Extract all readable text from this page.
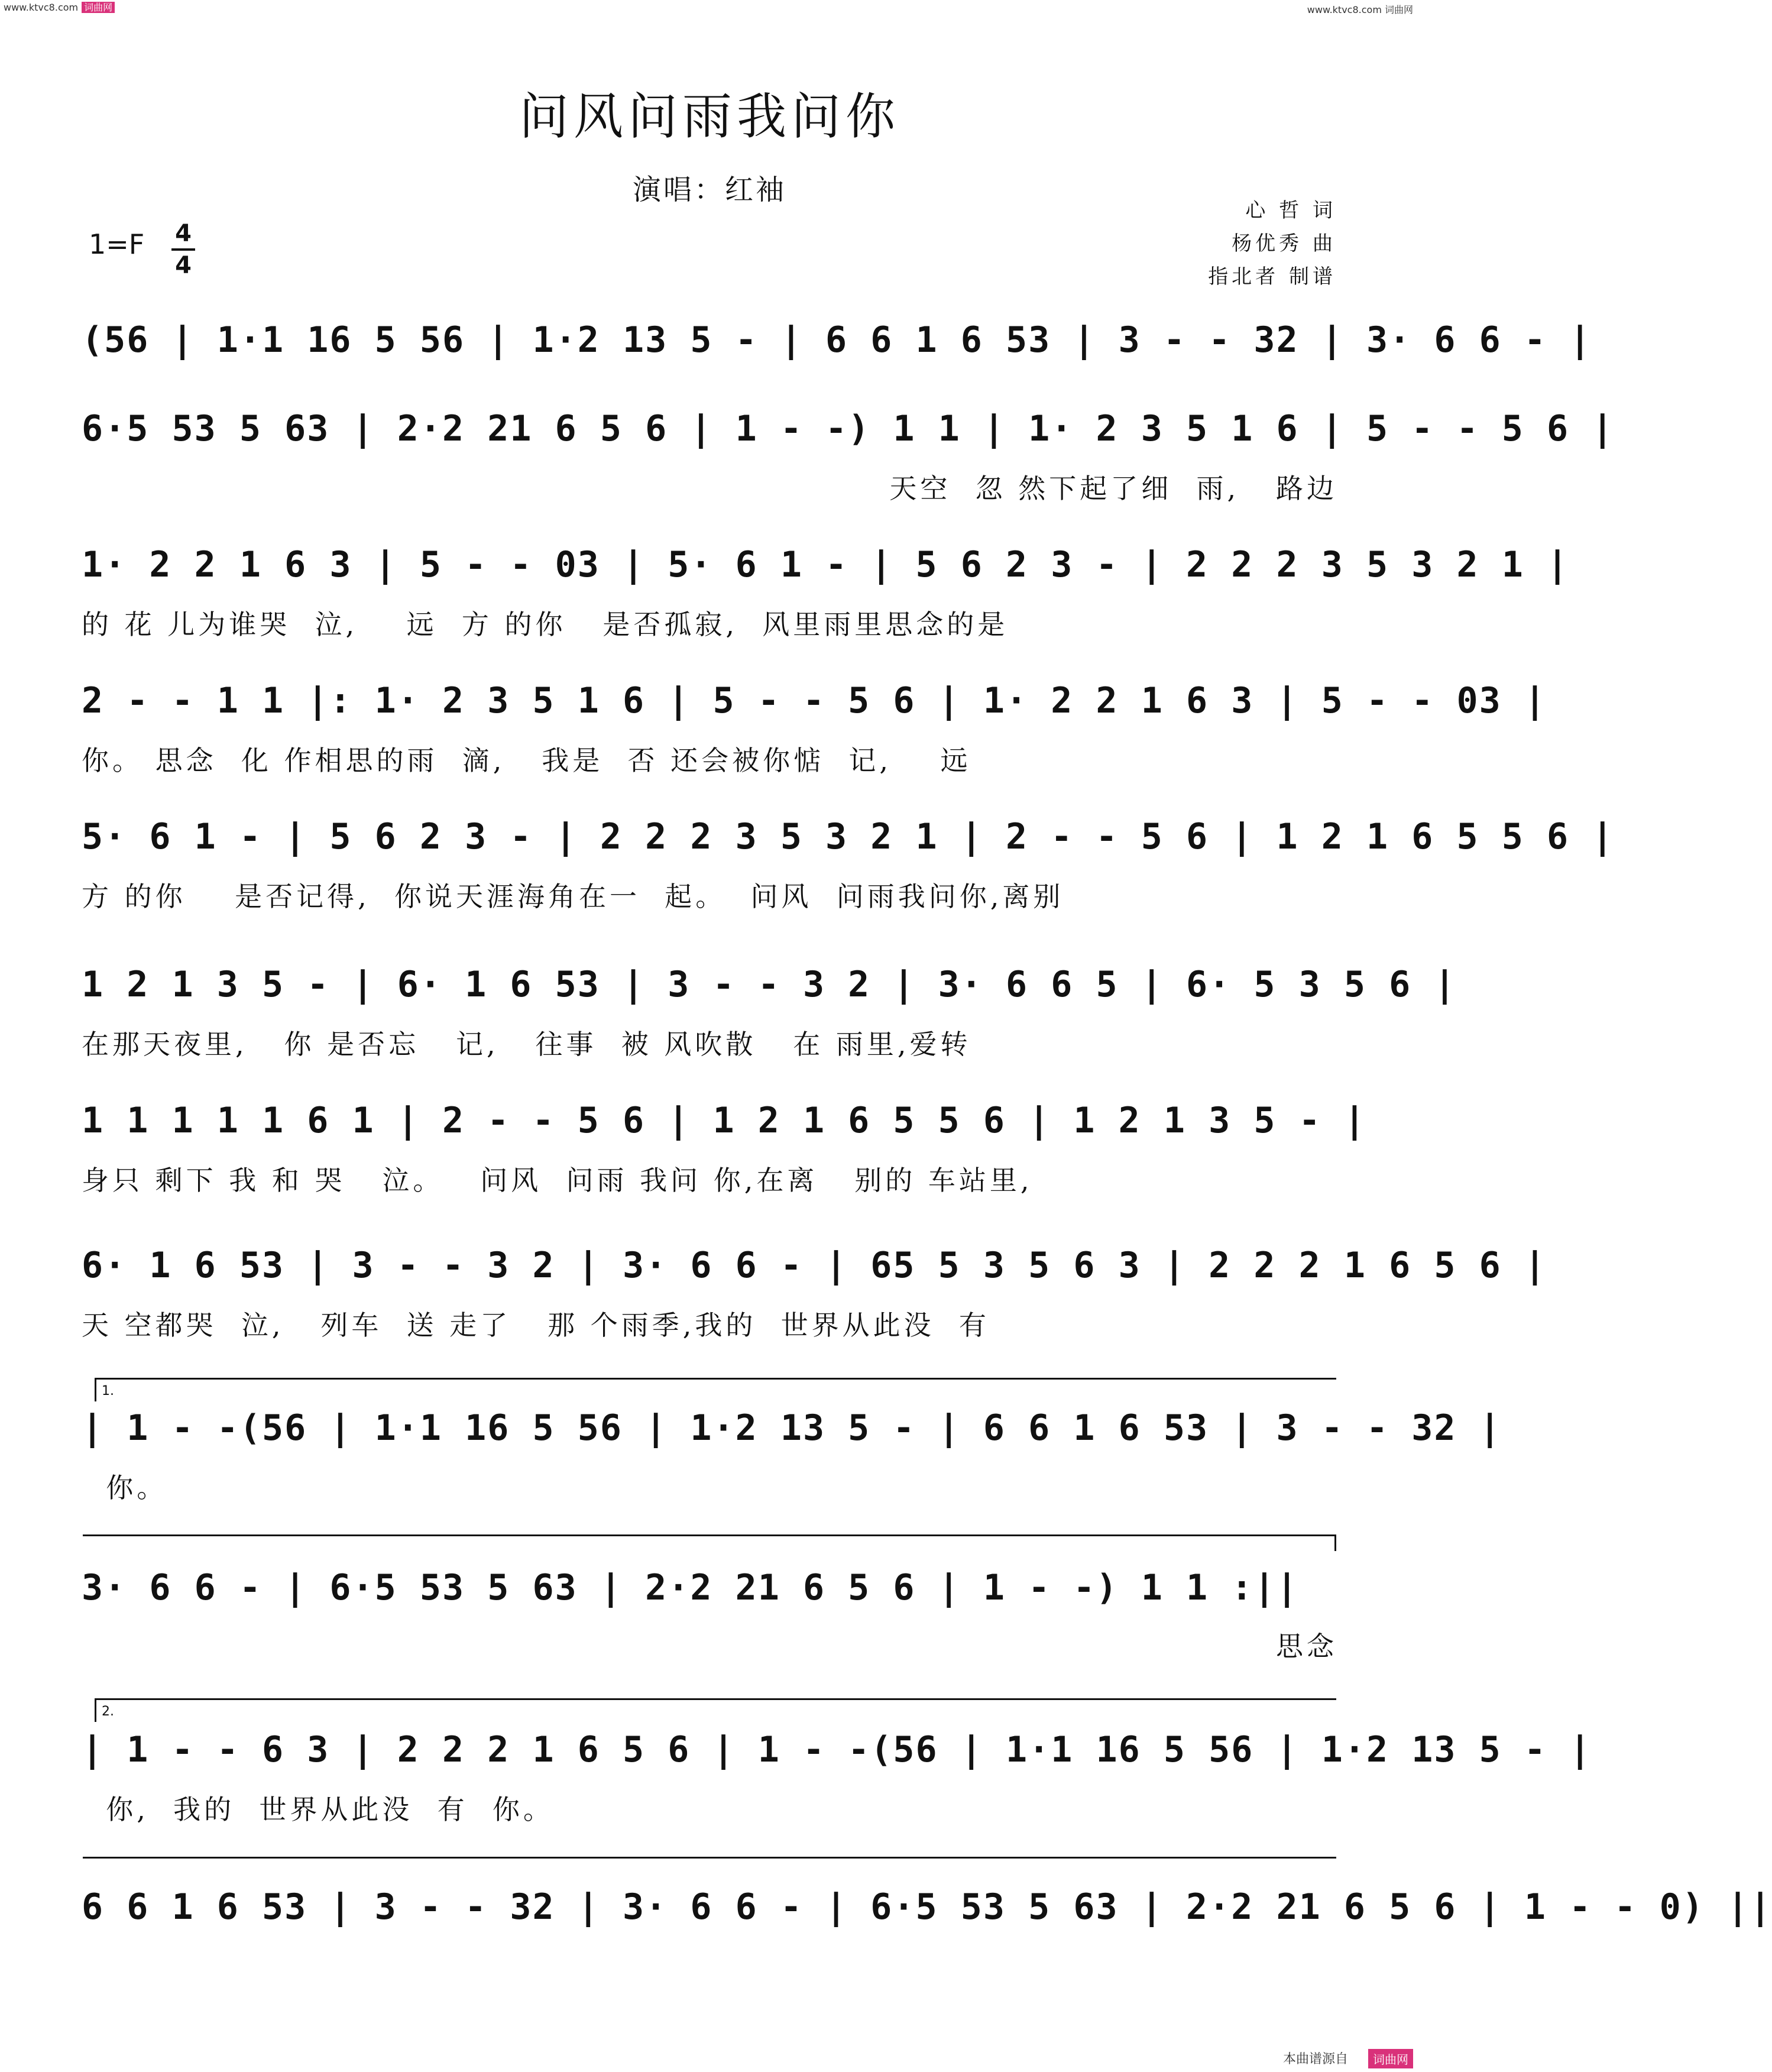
www.ktvc8.com 词曲网	www.ktvc8.com 词曲网
问风问雨我问你
演唱：红袖
心 哲 词
杨优秀 曲
指北者 制谱
1=F 4
4
(56 | 1·1 16 5 56 | 1·2 13 5 - | 6 6 1 6 53 | 3 - - 32 | 3· 6 6 - |
6·5 53 5 63 | 2·2 21 6 5 6 | 1 - -) 1 1 | 1· 2 3 5 1 6 | 5 - - 5 6 |
天空  忽 然下起了细  雨,   路边
1· 2 2 1 6 3 | 5 - - 03 | 5· 6 1 - | 5 6 2 3 - | 2 2 2 3 5 3 2 1 |
的 花 儿为谁哭  泣,    远  方 的你   是否孤寂,  风里雨里思念的是
2 - - 1 1 |: 1· 2 3 5 1 6 | 5 - - 5 6 | 1· 2 2 1 6 3 | 5 - - 03 |
你。 思念  化 作相思的雨  滴,   我是  否 还会被你惦  记,    远
5· 6 1 - | 5 6 2 3 - | 2 2 2 3 5 3 2 1 | 2 - - 5 6 | 1 2 1 6 5 5 6 |
方 的你    是否记得,  你说天涯海角在一  起。  问风  问雨我问你,离别
1 2 1 3 5 - | 6· 1 6 53 | 3 - - 3 2 | 3· 6 6 5 | 6· 5 3 5 6 |
在那天夜里,   你 是否忘   记,   往事  被 风吹散   在 雨里,爱转
1 1 1 1 1 6 1 | 2 - - 5 6 | 1 2 1 6 5 5 6 | 1 2 1 3 5 - |
身只 剩下 我 和 哭   泣。   问风  问雨 我问 你,在离   别的 车站里,
6· 1 6 53 | 3 - - 3 2 | 3· 6 6 - | 65 5 3 5 6 3 | 2 2 2 1 6 5 6 |
天 空都哭  泣,   列车  送 走了   那 个雨季,我的  世界从此没  有
1.
| 1 - -(56 | 1·1 16 5 56 | 1·2 13 5 - | 6 6 1 6 53 | 3 - - 32 |
你。
3· 6 6 - | 6·5 53 5 63 | 2·2 21 6 5 6 | 1 - -) 1 1 :||
思念
2.
| 1 - - 6 3 | 2 2 2 1 6 5 6 | 1 - -(56 | 1·1 16 5 56 | 1·2 13 5 - |
你,  我的  世界从此没  有  你。
6 6 1 6 53 | 3 - - 32 | 3· 6 6 - | 6·5 53 5 63 | 2·2 21 6 5 6 | 1 - - 0) ||
本曲谱源自	词曲网
